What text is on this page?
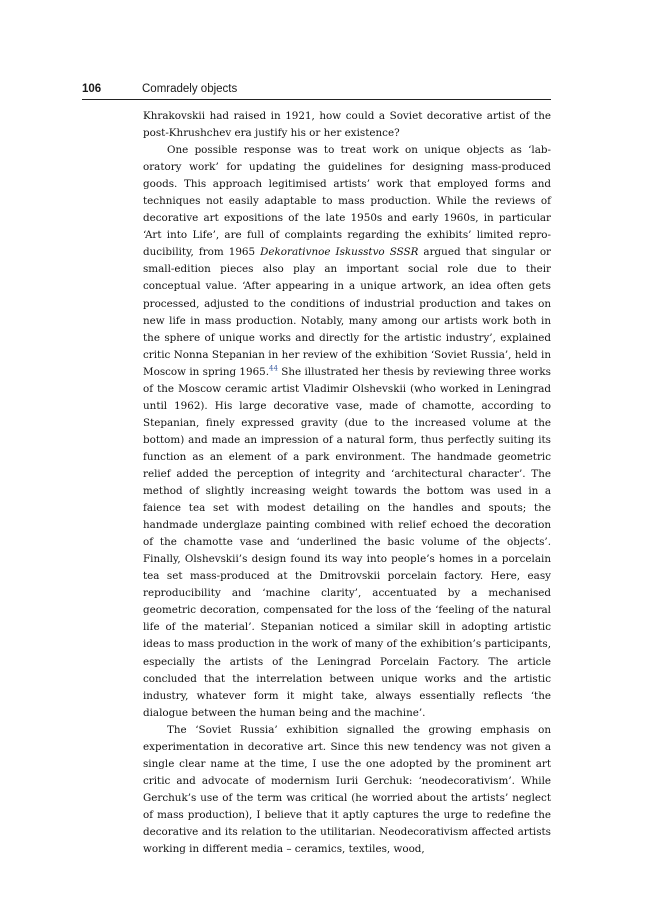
106	Comradely objects

Khrakovskii had raised in 1921, how could a Soviet decorative artist of the post-Khrushchev era justify his or her existence?

One possible response was to treat work on unique objects as ‘laboratory work’ for updating the guidelines for designing mass-produced goods. This approach legitimised artists’ work that employed forms and techniques not easily adaptable to mass production. While the reviews of decorative art expositions of the late 1950s and early 1960s, in particular ‘Art into Life’, are full of complaints regarding the exhibits’ limited reproducibility, from 1965 Dekorativnoe Iskusstvo SSSR argued that singular or small-edition pieces also play an important social role due to their conceptual value. ‘After appearing in a unique artwork, an idea often gets processed, adjusted to the conditions of industrial production and takes on new life in mass production. Notably, many among our artists work both in the sphere of unique works and directly for the artistic industry’, explained critic Nonna Stepanian in her review of the exhibition ‘Soviet Russia’, held in Moscow in spring 1965.44 She illustrated her thesis by reviewing three works of the Moscow ceramic artist Vladimir Olshevskii (who worked in Leningrad until 1962). His large decorative vase, made of chamotte, according to Stepanian, finely expressed gravity (due to the increased volume at the bottom) and made an impression of a natural form, thus perfectly suiting its function as an element of a park environment. The handmade geometric relief added the perception of integrity and ‘architectural character’. The method of slightly increasing weight towards the bottom was used in a faience tea set with modest detailing on the handles and spouts; the handmade underglaze painting combined with relief echoed the decoration of the chamotte vase and ‘underlined the basic volume of the objects’. Finally, Olshevskii’s design found its way into people’s homes in a porcelain tea set mass-produced at the Dmitrovskii porcelain factory. Here, easy reproducibility and ‘machine clarity’, accentuated by a mechanised geometric decoration, compensated for the loss of the ‘feeling of the natural life of the material’. Stepanian noticed a similar skill in adopting artistic ideas to mass production in the work of many of the exhibition’s participants, especially the artists of the Leningrad Porcelain Factory. The article concluded that the interrelation between unique works and the artistic industry, whatever form it might take, always essentially reflects ‘the dialogue between the human being and the machine’.

The ‘Soviet Russia’ exhibition signalled the growing emphasis on experimentation in decorative art. Since this new tendency was not given a single clear name at the time, I use the one adopted by the prominent art critic and advocate of modernism Iurii Gerchuk: ‘neodecorativism’. While Gerchuk’s use of the term was critical (he worried about the artists’ neglect of mass production), I believe that it aptly captures the urge to redefine the decorative and its relation to the utilitarian. Neodecorativism affected artists working in different media – ceramics, textiles, wood,
